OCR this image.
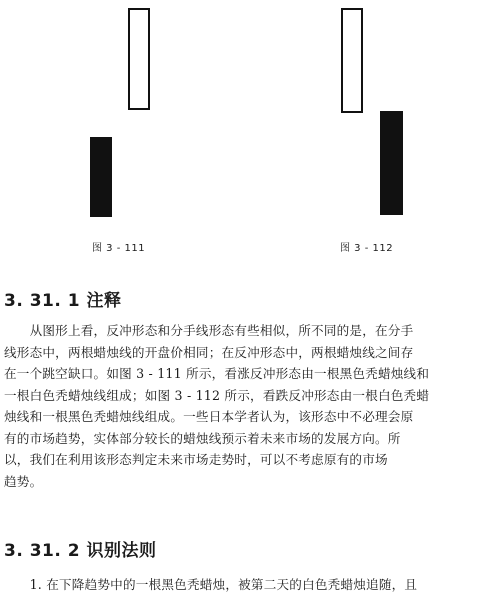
图 3 - 111	图 3 - 112
3. 31. 1 注释

　　从图形上看，反冲形态和分手线形态有些相似，所不同的是，在分手

线形态中，两根蜡烛线的开盘价相同；在反冲形态中，两根蜡烛线之间存

在一个跳空缺口。如图 3 - 111 所示，看涨反冲形态由一根黑色秃蜡烛线和

一根白色秃蜡烛线组成；如图 3 - 112 所示，看跌反冲形态由一根白色秃蜡

烛线和一根黑色秃蜡烛线组成。一些日本学者认为，该形态中不必理会原

有的市场趋势，实体部分较长的蜡烛线预示着未来市场的发展方向。所

以，我们在利用该形态判定未来市场走势时，可以不考虑原有的市场

趋势。

3. 31. 2 识别法则

　　1. 在下降趋势中的一根黑色秃蜡烛，被第二天的白色秃蜡烛追随，且
